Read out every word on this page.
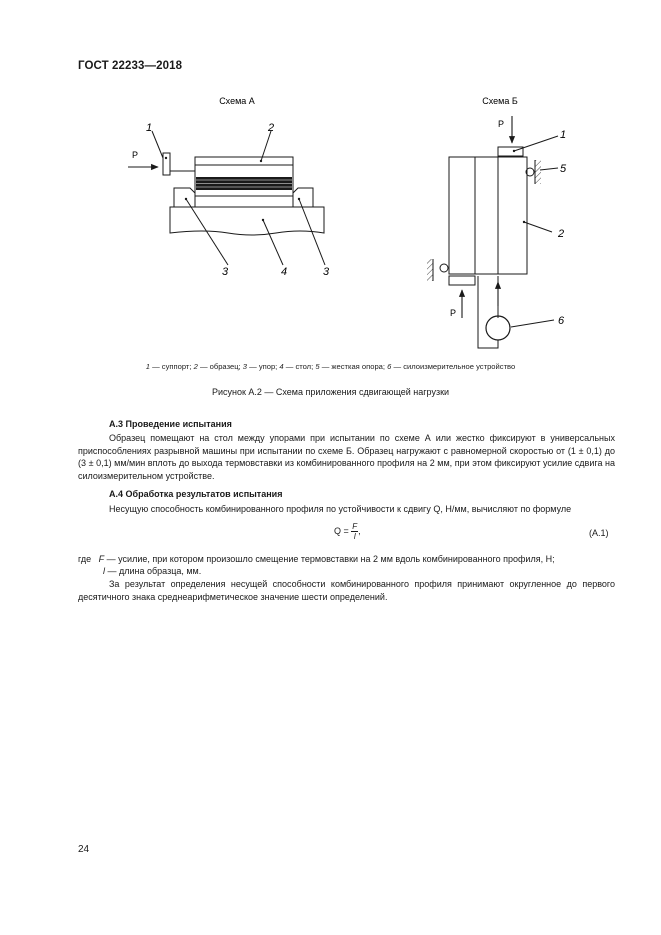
ГОСТ 22233—2018
Схема А
P
1	2
3	4	3
Схема Б
P
P
1
5
2
6
1 — суппорт; 2 — образец; 3 — упор; 4 — стол; 5 — жесткая опора; 6 — силоизмерительное устройство
Рисунок А.2 — Схема приложения сдвигающей нагрузки
А.3 Проведение испытания

Образец помещают на стол между упорами при испытании по схеме А или жестко фиксируют в универсальных приспособлениях разрывной машины при испытании по схеме Б. Образец нагружают с равномерной скоростью от (1 ± 0,1) до (3 ± 0,1) мм/мин вплоть до выхода термовставки из комбинированного профиля на 2 мм, при этом фиксируют усилие сдвига на силоизмерительном устройстве.

А.4 Обработка результатов испытания

Несущую способность комбинированного профиля по устойчивости к сдвигу Q, Н/мм, вычисляют по формуле

$Q = \frac{F}{l}$ ,	(А.1)
где F — усилие, при котором произошло смещение термовставки на 2 мм вдоль комбинированного профиля, Н;
l — длина образца, мм.

За результат определения несущей способности комбинированного профиля принимают округленное до первого десятичного знака среднеарифметическое значение шести определений.

24
